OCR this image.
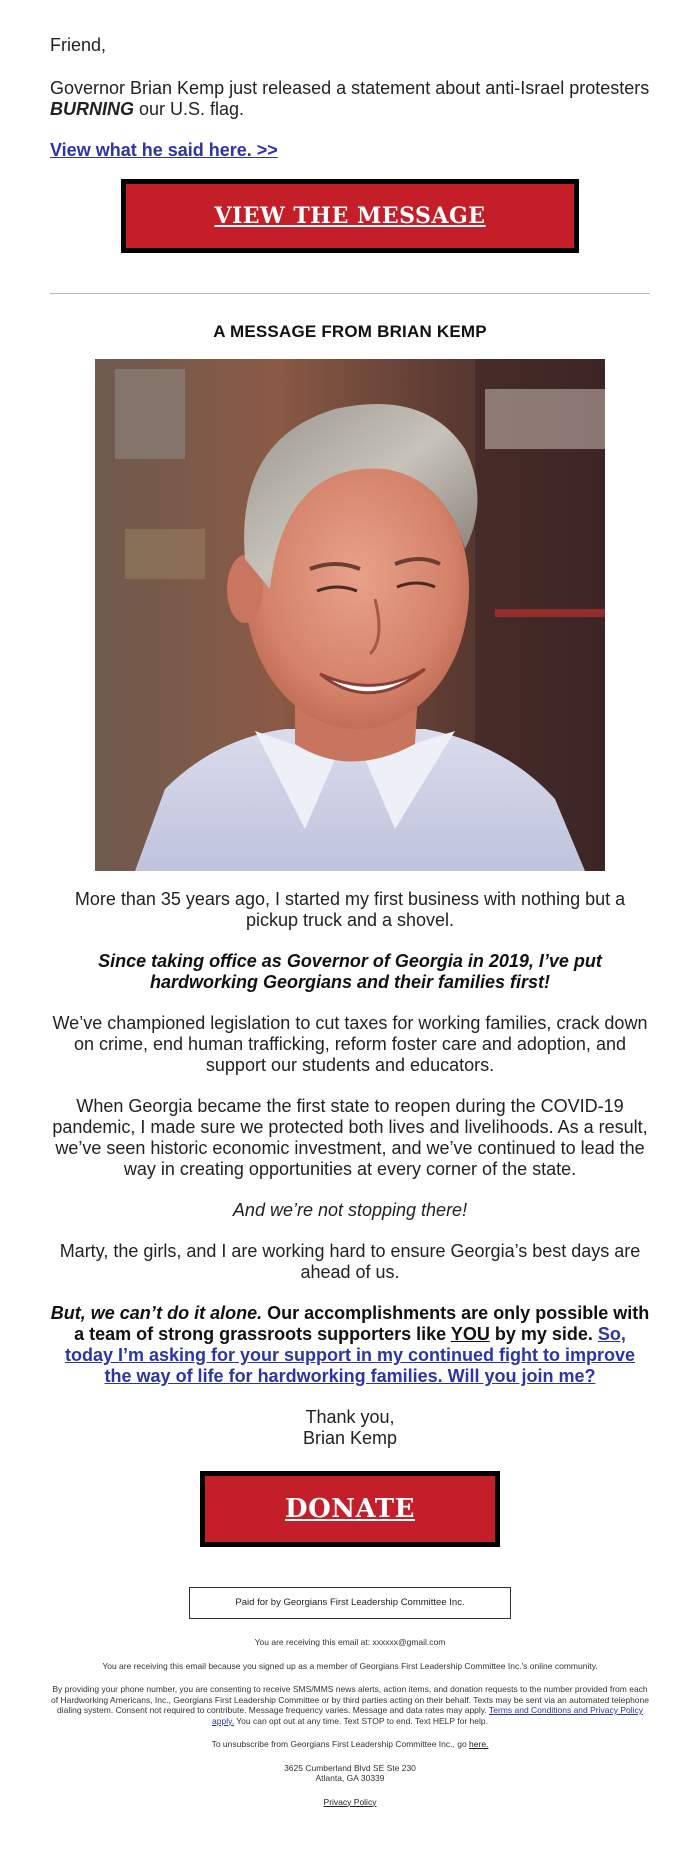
Friend,

Governor Brian Kemp just released a statement about anti-Israel protesters BURNING our U.S. flag.

View what he said here. >>
VIEW THE MESSAGE
A MESSAGE FROM BRIAN KEMP

More than 35 years ago, I started my first business with nothing but a pickup truck and a shovel.

Since taking office as Governor of Georgia in 2019, I’ve put hardworking Georgians and their families first!

We’ve championed legislation to cut taxes for working families, crack down on crime, end human trafficking, reform foster care and adoption, and support our students and educators.

When Georgia became the first state to reopen during the COVID-19 pandemic, I made sure we protected both lives and livelihoods. As a result, we’ve seen historic economic investment, and we’ve continued to lead the way in creating opportunities at every corner of the state.

And we’re not stopping there!

Marty, the girls, and I are working hard to ensure Georgia’s best days are ahead of us.

But, we can’t do it alone. Our accomplishments are only possible with a team of strong grassroots supporters like YOU by my side. So, today I’m asking for your support in my continued fight to improve the way of life for hardworking families. Will you join me?

Thank you,
Brian Kemp

DONATE
Paid for by Georgians First Leadership Committee Inc.

You are receiving this email at: xxxxxx@gmail.com

You are receiving this email because you signed up as a member of Georgians First Leadership Committee Inc.'s online community.

By providing your phone number, you are consenting to receive SMS/MMS news alerts, action items, and donation requests to the number provided from each of Hardworking Americans, Inc., Georgians First Leadership Committee or by third parties acting on their behalf. Texts may be sent via an automated telephone dialing system. Consent not required to contribute. Message frequency varies. Message and data rates may apply. Terms and Conditions and Privacy Policy apply. You can opt out at any time. Text STOP to end. Text HELP for help.

To unsubscribe from Georgians First Leadership Committee Inc., go here.

3625 Cumberland Blvd SE Ste 230
Atlanta, GA 30339

Privacy Policy
